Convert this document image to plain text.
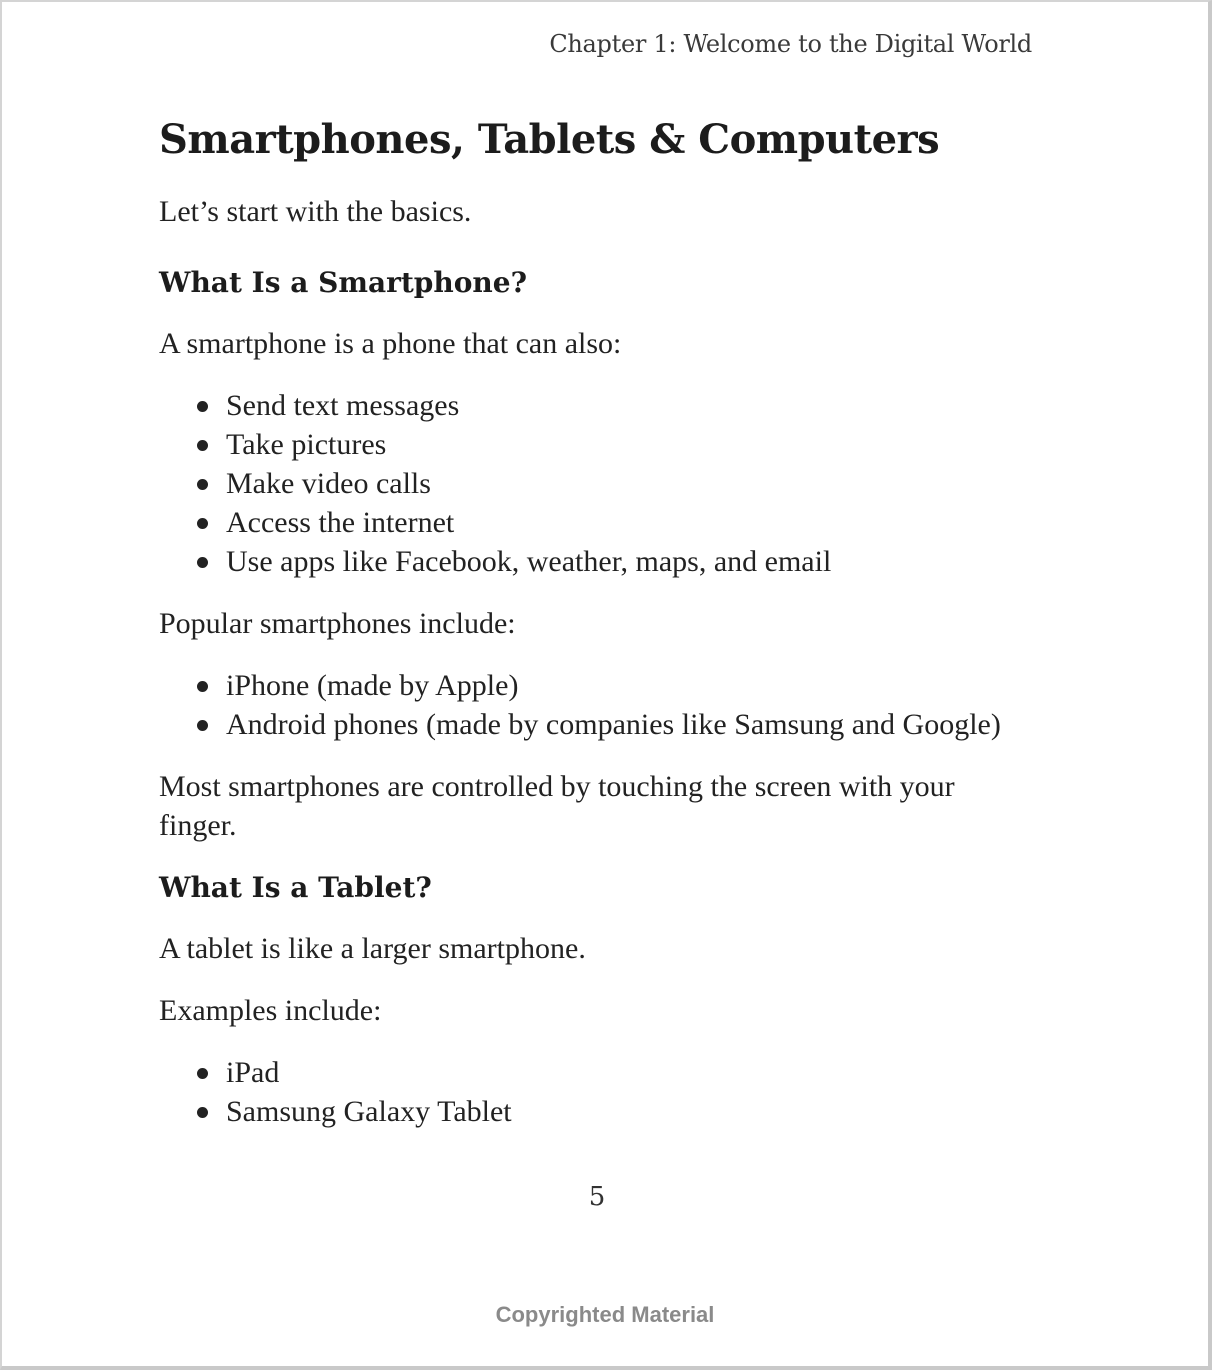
Chapter 1: Welcome to the Digital World
Smartphones, Tablets & Computers

Let’s start with the basics.

What Is a Smartphone?

A smartphone is a phone that can also:

Send text messages
Take pictures
Make video calls
Access the internet
Use apps like Facebook, weather, maps, and email

Popular smartphones include:

iPhone (made by Apple)
Android phones (made by companies like Samsung and Google)

Most smartphones are controlled by touching the screen with your finger.

What Is a Tablet?

A tablet is like a larger smartphone.

Examples include:

iPad
Samsung Galaxy Tablet
5
Copyrighted Material
